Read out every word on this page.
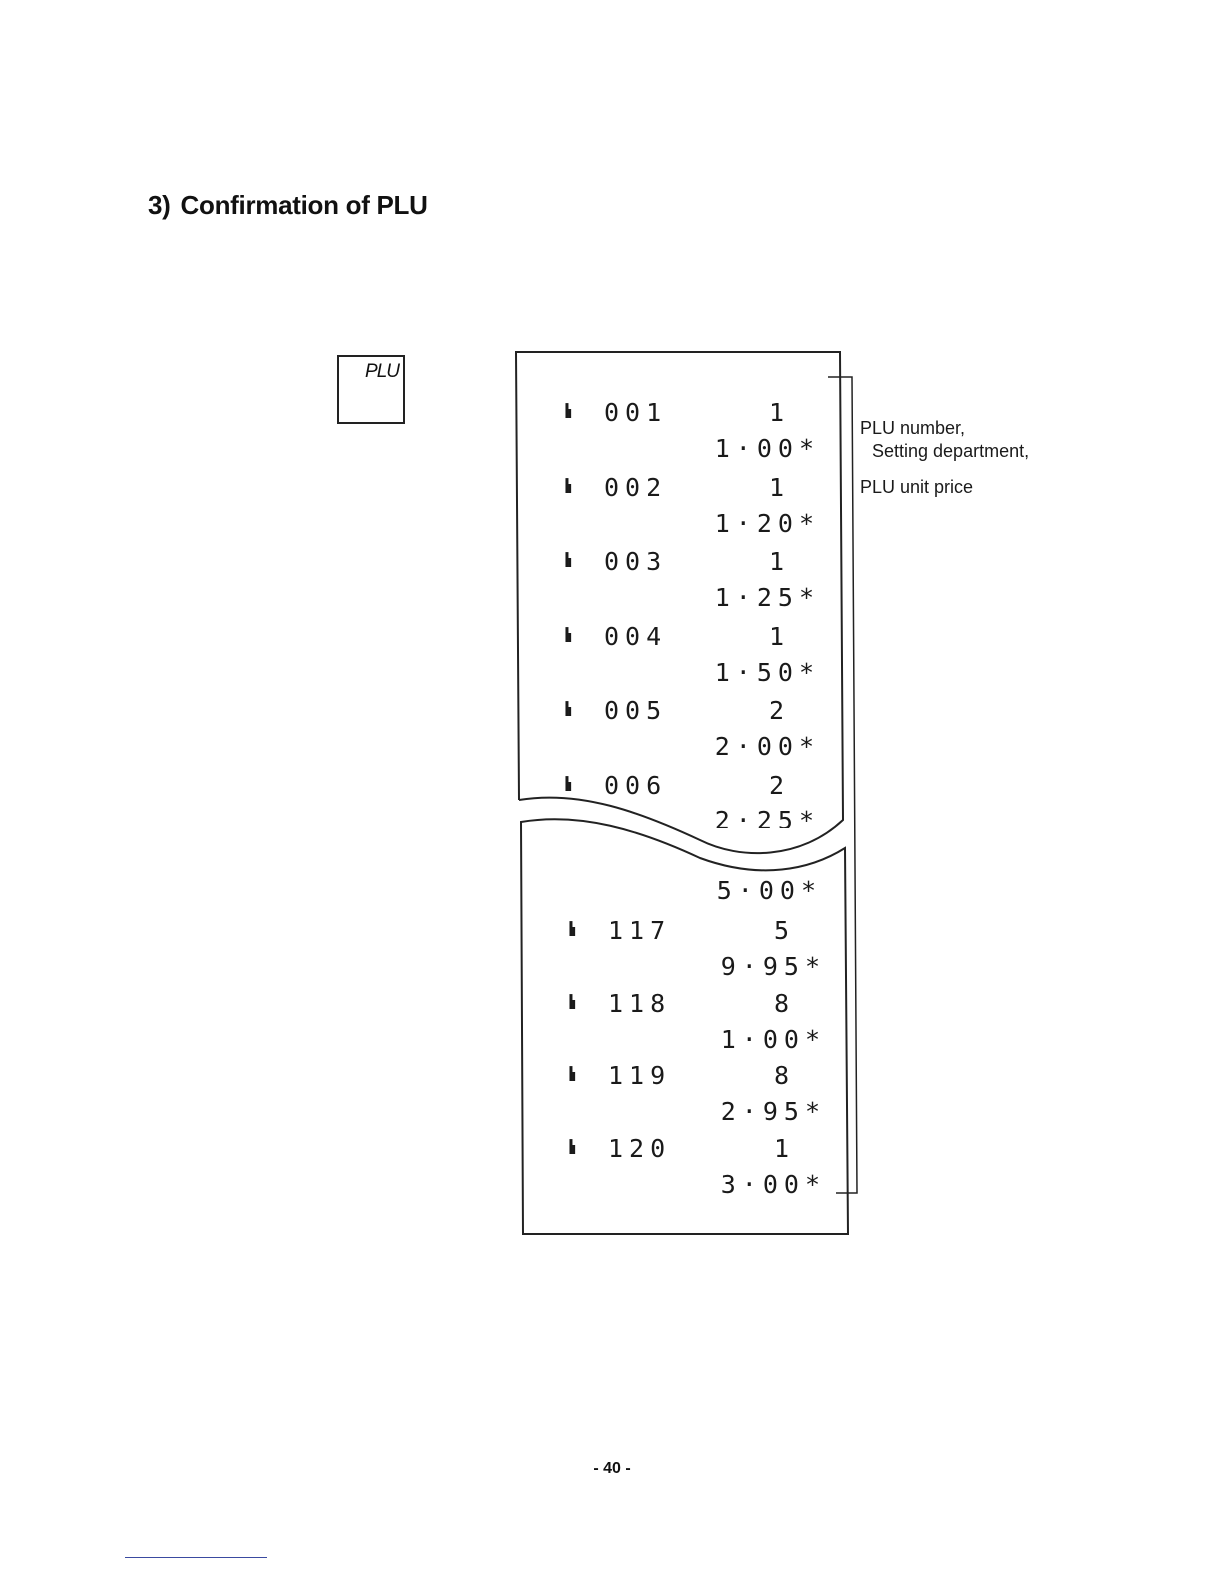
3) Confirmation of PLU
PLU
ꟾı 001	1
1·00*
ꟾı 002	1
1·20*
ꟾı 003	1
1·25*
ꟾı 004	1
1·50*
ꟾı 005	2
2·00*
ꟾı 006	2
2·25*
5·00*
ꟾı 117	5
9·95*
ꟾı 118	8
1·00*
ꟾı 119	8
2·95*
ꟾı 120	1
3·00*
PLU number,
Setting department,
PLU unit price
- 40 -
